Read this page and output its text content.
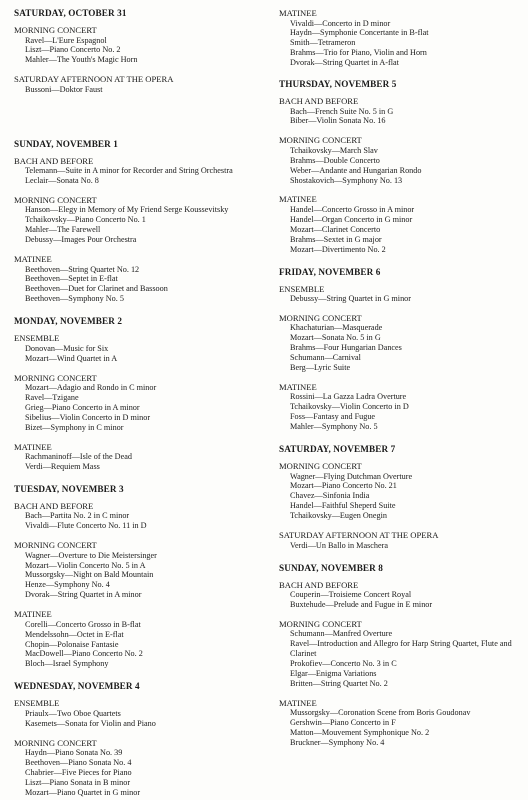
SATURDAY, OCTOBER 31
MORNING CONCERT
Ravel—L'Eure Espagnol
Liszt—Piano Concerto No. 2
Mahler—The Youth's Magic Horn
SATURDAY AFTERNOON AT THE OPERA
Bussoni—Doktor Faust
SUNDAY, NOVEMBER 1
BACH AND BEFORE
Telemann—Suite in A minor for Recorder and String Orchestra
Leclair—Sonata No. 8
MORNING CONCERT
Hanson—Elegy in Memory of My Friend Serge Koussevitsky
Tchaikovsky—Piano Concerto No. 1
Mahler—The Farewell
Debussy—Images Pour Orchestra
MATINEE
Beethoven—String Quartet No. 12
Beethoven—Septet in E-flat
Beethoven—Duet for Clarinet and Bassoon
Beethoven—Symphony No. 5
MONDAY, NOVEMBER 2
ENSEMBLE
Donovan—Music for Six
Mozart—Wind Quartet in A
MORNING CONCERT
Mozart—Adagio and Rondo in C minor
Ravel—Tzigane
Grieg—Piano Concerto in A minor
Sibelius—Violin Concerto in D minor
Bizet—Symphony in C minor
MATINEE
Rachmaninoff—Isle of the Dead
Verdi—Requiem Mass
TUESDAY, NOVEMBER 3
BACH AND BEFORE
Bach—Partita No. 2 in C minor
Vivaldi—Flute Concerto No. 11 in D
MORNING CONCERT
Wagner—Overture to Die Meistersinger
Mozart—Violin Concerto No. 5 in A
Mussorgsky—Night on Bald Mountain
Henze—Symphony No. 4
Dvorak—String Quartet in A minor
MATINEE
Corelli—Concerto Grosso in B-flat
Mendelssohn—Octet in E-flat
Chopin—Polonaise Fantasie
MacDowell—Piano Concerto No. 2
Bloch—Israel Symphony
WEDNESDAY, NOVEMBER 4
ENSEMBLE
Priaulx—Two Oboe Quartets
Kasemets—Sonata for Violin and Piano
MORNING CONCERT
Haydn—Piano Sonata No. 39
Beethoven—Piano Sonata No. 4
Chabrier—Five Pieces for Piano
Liszt—Piano Sonata in B minor
Mozart—Piano Quartet in G minor
MATINEE
Vivaldi—Concerto in D minor
Haydn—Symphonie Concertante in B-flat
Smith—Tetrameron
Brahms—Trio for Piano, Violin and Horn
Dvorak—String Quartet in A-flat
THURSDAY, NOVEMBER 5
BACH AND BEFORE
Bach—French Suite No. 5 in G
Biber—Violin Sonata No. 16
MORNING CONCERT
Tchaikovsky—March Slav
Brahms—Double Concerto
Weber—Andante and Hungarian Rondo
Shostakovich—Symphony No. 13
MATINEE
Handel—Concerto Grosso in A minor
Handel—Organ Concerto in G minor
Mozart—Clarinet Concerto
Brahms—Sextet in G major
Mozart—Divertimento No. 2
FRIDAY, NOVEMBER 6
ENSEMBLE
Debussy—String Quartet in G minor
MORNING CONCERT
Khachaturian—Masquerade
Mozart—Sonata No. 5 in G
Brahms—Four Hungarian Dances
Schumann—Carnival
Berg—Lyric Suite
MATINEE
Rossini—La Gazza Ladra Overture
Tchaikovsky—Violin Concerto in D
Foss—Fantasy and Fugue
Mahler—Symphony No. 5
SATURDAY, NOVEMBER 7
MORNING CONCERT
Wagner—Flying Dutchman Overture
Mozart—Piano Concerto No. 21
Chavez—Sinfonia India
Handel—Faithful Sheperd Suite
Tchaikovsky—Eugen Onegin
SATURDAY AFTERNOON AT THE OPERA
Verdi—Un Ballo in Maschera
SUNDAY, NOVEMBER 8
BACH AND BEFORE
Couperin—Troisieme Concert Royal
Buxtehude—Prelude and Fugue in E minor
MORNING CONCERT
Schumann—Manfred Overture
Ravel—Introduction and Allegro for Harp String Quartet, Flute and Clarinet
Prokofiev—Concerto No. 3 in C
Elgar—Enigma Variations
Britten—String Quartet No. 2
MATINEE
Mussorgsky—Coronation Scene from Boris Goudonav
Gershwin—Piano Concerto in F
Matton—Mouvement Symphonique No. 2
Bruckner—Symphony No. 4
